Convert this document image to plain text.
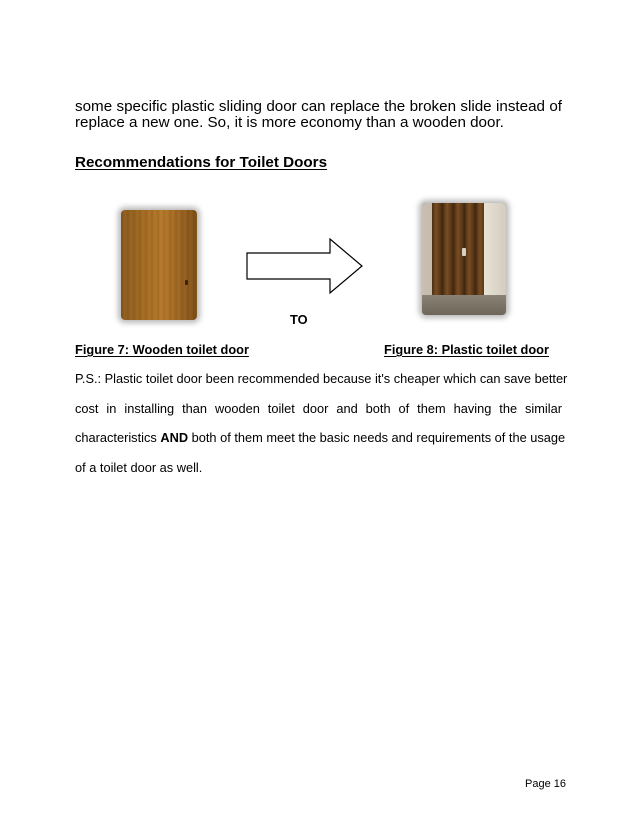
some specific plastic sliding door can replace the broken slide instead of
replace a new one. So, it is more economy than a wooden door.
Recommendations for Toilet Doors
TO
Figure 7: Wooden toilet door	Figure 8: Plastic toilet door
P.S.: Plastic toilet door been recommended because it's cheaper which can save better
cost in installing than wooden toilet door and both of them having the similar
characteristics AND both of them meet the basic needs and requirements of the usage
of a toilet door as well.
Page 16
